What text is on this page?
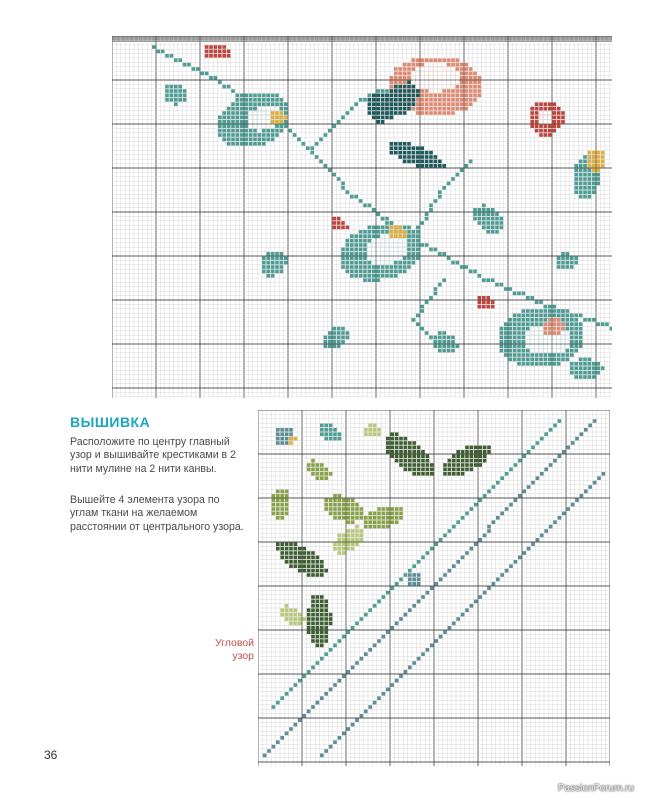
ВЫШИВКА

Расположите по центру главный узор и вышивайте крестиками в 2 нити мулине на 2 нити канвы.

Вышейте 4 элемента узора по углам ткани на желаемом расстоянии от центрального узора.

Угловой
узор

36

PassionForum.ru
